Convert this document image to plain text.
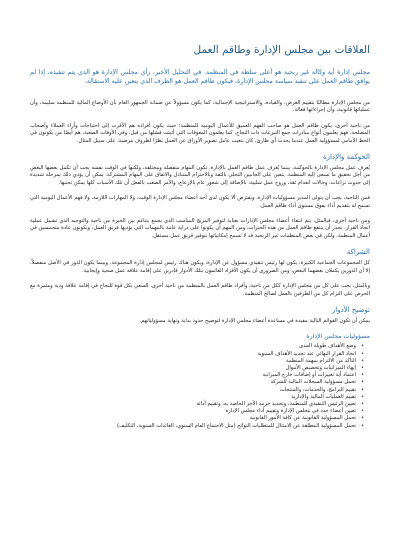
العلاقات بين مجلس الإدارة وطاقم العمل

مجلس إدارة أية وكالة غير ربحية هو أعلى سلطة في المنظمة. في التحليل الأخير، رأي مجلس الإدارة هو الذي يتم تنفيذه، إذا لم يوافق طاقم العمل على تنفيذ سياسة مجلس الإدارة، فيكون طاقم العمل هو الطرف الذي يتعين عليه الاستقالة.

من مجلس الإدارة مطالبًا بتقييم الغرض، والقيادة، والاستراتيجية الإجمالية، كما يكون مسؤولاً عن ضمانة الجمهور العام بأن الأوضاع المالية للمنظمة سليمة، وأن عملياتها قانونية، وأن إجراءاتها فعالة.

من ناحية أخرى، يكون طاقم العمل هو صاحب الفهم العميق للأعمال اليومية للمنظمة؛ حيث يكون أفراده هم الأقرب إلى احتياجات وأراء العملاء وأصحاب المصلحة، فهم يعلمون أنواع مبادرات جمع التبرعات ذات النجاح، كما يعلمون المعوقات التي أثبتت فشلها من قبل، وفي الأوقات الصعبة، هم أيضًا من يكونون في الخط الأمامي لمسؤولية العمل عندما يحدث أي طارئ، كان بتغيب عامل تصوير الأوراق عن العمل نظرًا لظروف مرضية، على سبيل المثال.

الحوكمة والإدارة

يُعرف عمل مجلس الإدارة بالحوكمة، بينما يُعرف عمل طاقم العمل بالإدارة. تكون المهام منفصلة ومختلفة، ولكنها في الوقت نفسه يجب أن تكمل بعضها البعض من أجل تحقيق ما تسعى إليه المنظمة. يتعين على الجانبين التحلي بالثقة وبالاحترام المتبادل والاتفاق على المهام المشتركة. يمكن أن يؤدي ذلك بمرحلة شديدة إلى حدوث نزاعات، وحالات انعدام ثقة، وروح عمل سلبية، بالإضافة إلى شعور عام بالإزعاج، والأمر الصعب بالفعل أن تلك الأسباب كلها يمكن تجنبها.

فمن الناحية، يجب أن يتولى المدير مسؤوليات الإدارة، ويفترض ألا يكون لدى أحد أعضاء مجلس الإدارة الوقت، ولا المهارات اللازمة، ولا فهم الأعمال اليومية التي تسمح له بتقديم أداء يفوق مستوى أداء طاقم العمل.

ومن ناحية أخرى، فبالمثل، يتم انتقاء أعضاء مجلس الإدارات بعناية لتوفير المزيج المناسب الذي يجمع بتناغم بين الخبرة من ناحية والتوجيه الذي تشمل عملية اتخاذ القرار. يجدر أن ينتفع طاقم العمل من هذه الخبرات، ومن المهم أن يكونوا على دراية عامة بالمهمات التي يؤديها فريق العمل، ويكونون عادة متحمسين في أعمال المنظمة. ولكن في بعض المنظمات غير الربحية قد لا تسمح إمكانياتها بتوفير فريق عمل مستقل.

الشراكة

كل المجموعات الجماعية الكبيرة، يكون لها رئيس تنفيذي مسؤول عن الإدارة، ويكون هناك رئيس لمجلس إدارة المجموعة. وبينما يكون الدور في الأصل منفصلاً، إلا أن الدورين يكملان بعضهما البعض، ومن الضروري أن يكون الأفراد القائمون بتلك الأدوار قادرين على إقامة علاقة عمل صحية وإيجابية.

وبالمثل، يجب على كل من مجلس الإدارة ككل من ناحية، وأفراد طاقم العمل بالمنظمة من ناحية أخرى، السعي بكل قوة للنجاح في إقامة علاقة ودية ومثمرة مع الحرص على التزام كل من الطرفين بالعمل لصالح المنظمة.

توضيح الأدوار

يمكن أن تكون القوائم التالية مفيدة في مساعدة أعضاء مجلس الإدارة لتوضيح حدود بداية ونهاية مسؤولياتهم.

مسؤوليات مجلس الإدارة
• وضع الأهداف طويلة المدى
• اتخاذ القرار النهائي عند تحديد الأهداف السنوية
• التأكد من الالتزام بمهمة المنظمة
• إنهاء الميزانيات وتخصيص الأموال
• اعتماد أية تغييرات أو إضافات خارج الميزانية
• تحمل مسؤولية السجلات المالية للشركة
• تقييم البرامج، والخدمات، والمنتجات
• تقييم العمليات المالية والإدارية
• تعيين الرئيس التنفيذي للمنظمة، وتحديد حزمة الأجر الخاصة به، وتقييم أدائه
• تعيين أعضاء جدد في مجلس الإدارة وتقييم أداء مجلس الإدارة
• تحمل المسؤولية القانونية عن كافة الأمور القانونية
• تحمل المسؤولية المطلقة عن الامتثال للمتطلبات التوائح (مثل الاجتماع العام السنوي، العائدات السنوية، التكليف)
